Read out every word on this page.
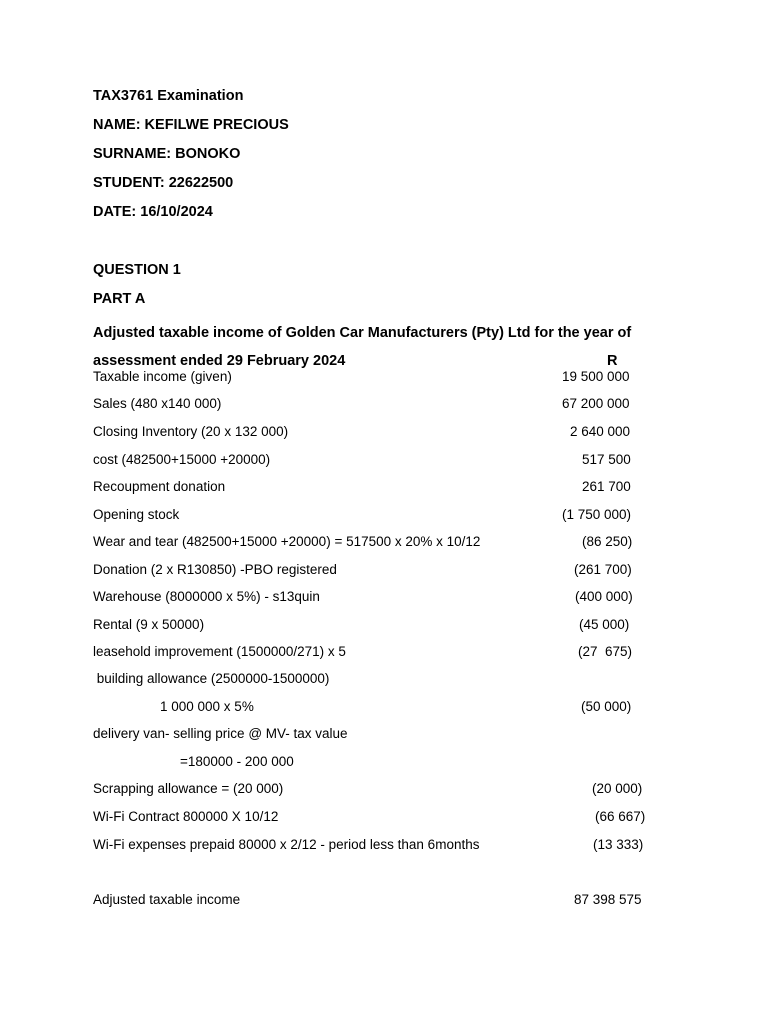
TAX3761 Examination
NAME: KEFILWE PRECIOUS
SURNAME: BONOKO
STUDENT: 22622500
DATE: 16/10/2024
QUESTION 1
PART A
Adjusted taxable income of Golden Car Manufacturers (Pty) Ltd for the year of
assessment ended 29 February 2024	R
Taxable income (given)	19 500 000
Sales (480 x140 000)	67 200 000
Closing Inventory (20 x 132 000)	2 640 000
cost (482500+15000 +20000)	517 500
Recoupment donation	261 700
Opening stock	(1 750 000)
Wear and tear (482500+15000 +20000) = 517500 x 20% x 10/12	(86 250)
Donation (2 x R130850) -PBO registered	(261 700)
Warehouse (8000000 x 5%) - s13quin	(400 000)
Rental (9 x 50000)	(45 000)
leasehold improvement (1500000/271) x 5	(27  675)
building allowance (2500000-1500000)
1 000 000 x 5%	(50 000)
delivery van- selling price @ MV- tax value
=180000 - 200 000
Scrapping allowance = (20 000)	(20 000)
Wi-Fi Contract 800000 X 10/12	(66 667)
Wi-Fi expenses prepaid 80000 x 2/12 - period less than 6months	(13 333)
Adjusted taxable income	87 398 575
